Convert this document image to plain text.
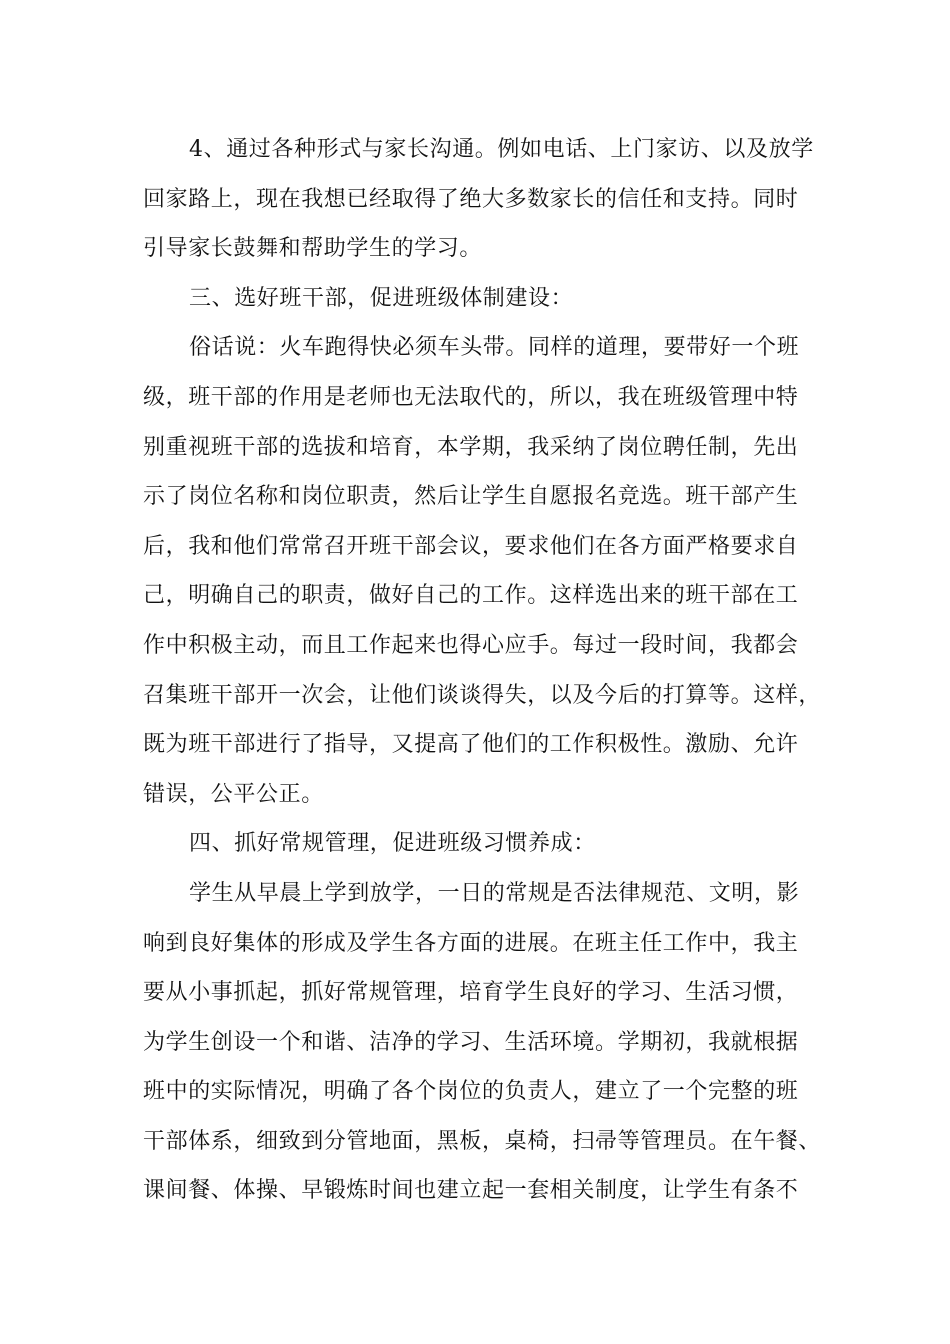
4、通过各种形式与家长沟通。例如电话、上门家访、以及放学
回家路上，现在我想已经取得了绝大多数家长的信任和支持。同时
引导家长鼓舞和帮助学生的学习。
三、选好班干部，促进班级体制建设：
俗话说：火车跑得快必须车头带。同样的道理，要带好一个班
级，班干部的作用是老师也无法取代的，所以，我在班级管理中特
别重视班干部的选拔和培育，本学期，我采纳了岗位聘任制，先出
示了岗位名称和岗位职责，然后让学生自愿报名竞选。班干部产生
后，我和他们常常召开班干部会议，要求他们在各方面严格要求自
己，明确自己的职责，做好自己的工作。这样选出来的班干部在工
作中积极主动，而且工作起来也得心应手。每过一段时间，我都会
召集班干部开一次会，让他们谈谈得失，以及今后的打算等。这样，
既为班干部进行了指导，又提高了他们的工作积极性。激励、允许
错误，公平公正。
四、抓好常规管理，促进班级习惯养成：
学生从早晨上学到放学，一日的常规是否法律规范、文明，影
响到良好集体的形成及学生各方面的进展。在班主任工作中，我主
要从小事抓起，抓好常规管理，培育学生良好的学习、生活习惯，
为学生创设一个和谐、洁净的学习、生活环境。学期初，我就根据
班中的实际情况，明确了各个岗位的负责人，建立了一个完整的班
干部体系，细致到分管地面，黑板，桌椅，扫帚等管理员。在午餐、
课间餐、体操、早锻炼时间也建立起一套相关制度，让学生有条不
